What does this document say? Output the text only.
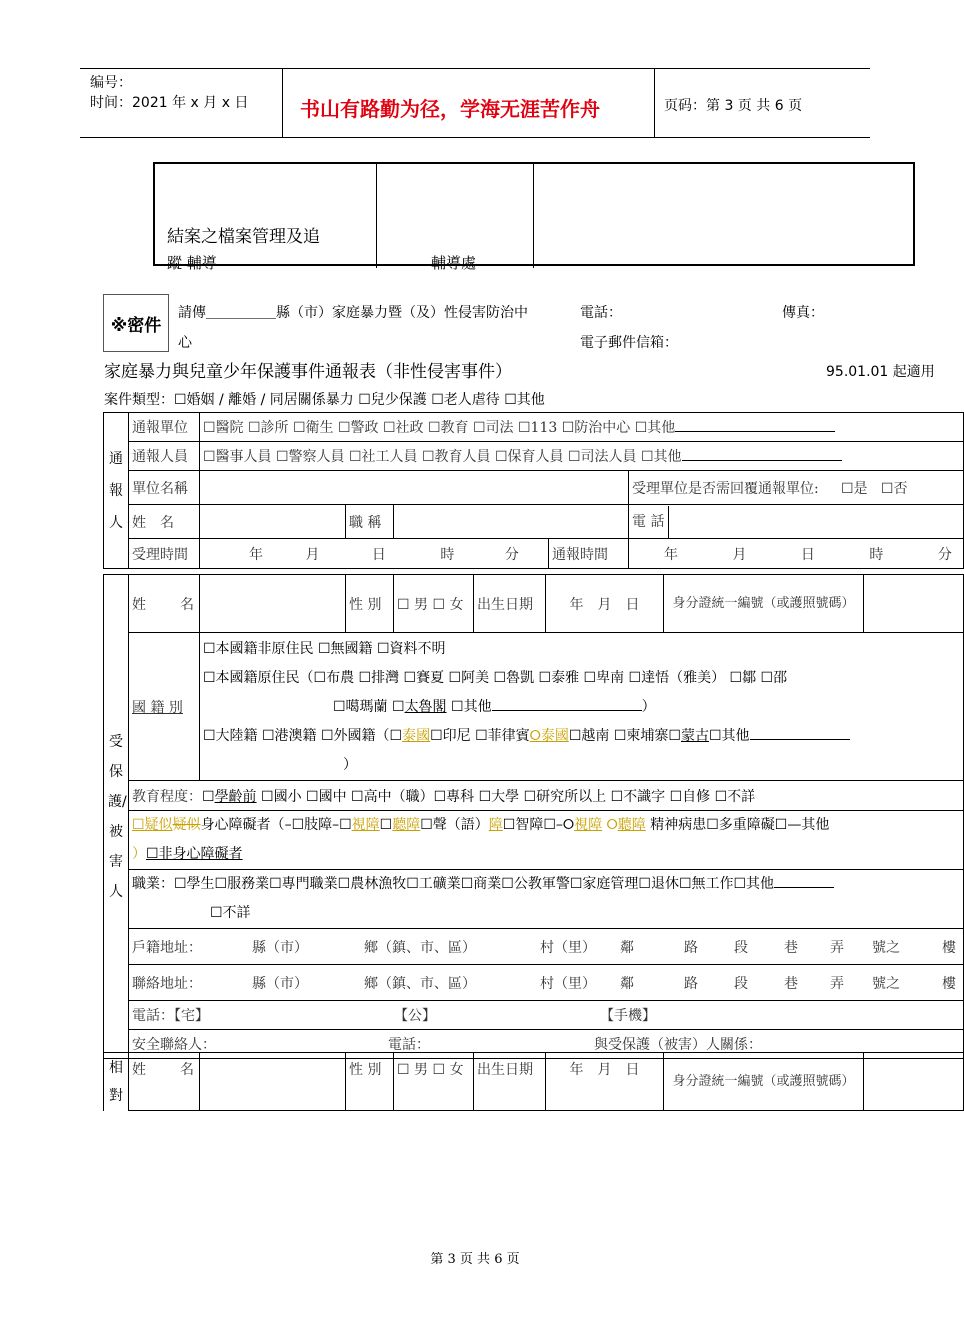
编号：
时间：2021 年 x 月 x 日	书山有路勤为径，学海无涯苦作舟	页码：第 3 页 共 6 页
結案之檔案管理及追
蹤 輔導	輔導處
※密件
請傳＿＿＿＿＿縣（市）家庭暴力暨（及）性侵害防治中	電話：	傳真：
心	電子郵件信箱：
家庭暴力與兒童少年保護事件通報表（非性侵害事件）	95.01.01 起適用
案件類型：☐婚姻 / 離婚 / 同居關係暴力 ☐兒少保護 ☐老人虐待 ☐其他
通報人	通報單位	☐醫院 ☐診所 ☐衛生 ☐警政 ☐社政 ☐教育 ☐司法 ☐113 ☐防治中心 ☐其他				
	通報人員	☐醫事人員 ☐警察人員 ☐社工人員 ☐教育人員 ☐保育人員 ☐司法人員 ☐其他				
	單位名稱					受理單位是否需回覆通報單位: ☐是 ☐否
	姓　名		職 稱			電 話
	受理時間	年 月 日 時 分			通報時間	年 月 日 時 分
受保護/被害人	姓　　名		性 別	☐ 男 ☐ 女	出生日期	年　月　日	身分證統一編號（或護照號碼）	
	國 籍 別	☐本國籍非原住民 ☐無國籍 ☐資料不明
☐本國籍原住民（☐布農 ☐排灣 ☐賽夏 ☐阿美 ☐魯凱 ☐泰雅 ☐卑南 ☐達悟（雅美） ☐鄒 ☐邵
☐噶瑪蘭 ☐太魯閣 ☐其他 ）
☐大陸籍 ☐港澳籍 ☐外國籍（☐泰國☐印尼 ☐菲律賓⭘泰國☐越南 ☐柬埔寨☐蒙古☐其他
）						

	教育程度：☐學齡前 ☐國小 ☐國中 ☐高中（職）☐專科 ☐大學 ☐研究所以上 ☐不識字 ☐自修 ☐不詳							

	☐疑似疑似身心障礙者（–☐肢障–☐視障☐聽障☐聲（語）障☐智障☐–⭘視障 ⭘聽障 精神病患☐多重障礙☐—其他
）☐非身心障礙者							

	職業：☐學生☐服務業☐專門職業☐農林漁牧☐工礦業☐商業☐公教軍警☐家庭管理☐退休☐無工作☐其他
☐不詳							

	戶籍地址： 縣（市） 鄉（鎮、市、區） 村（里） 鄰 路 段 巷 弄 號之 樓							
	聯絡地址： 縣（市） 鄉（鎮、市、區） 村（里） 鄰 路 段 巷 弄 號之 樓							
	電話：【宅】 【公】 【手機】							
	安全聯絡人： 電話： 與受保護（被害）人關係：							
相對
	姓　　名		性 別	☐ 男 ☐ 女	出生日期	年　月　日	身分證統一編號（或護照號碼）	
第 3 页 共 6 页
